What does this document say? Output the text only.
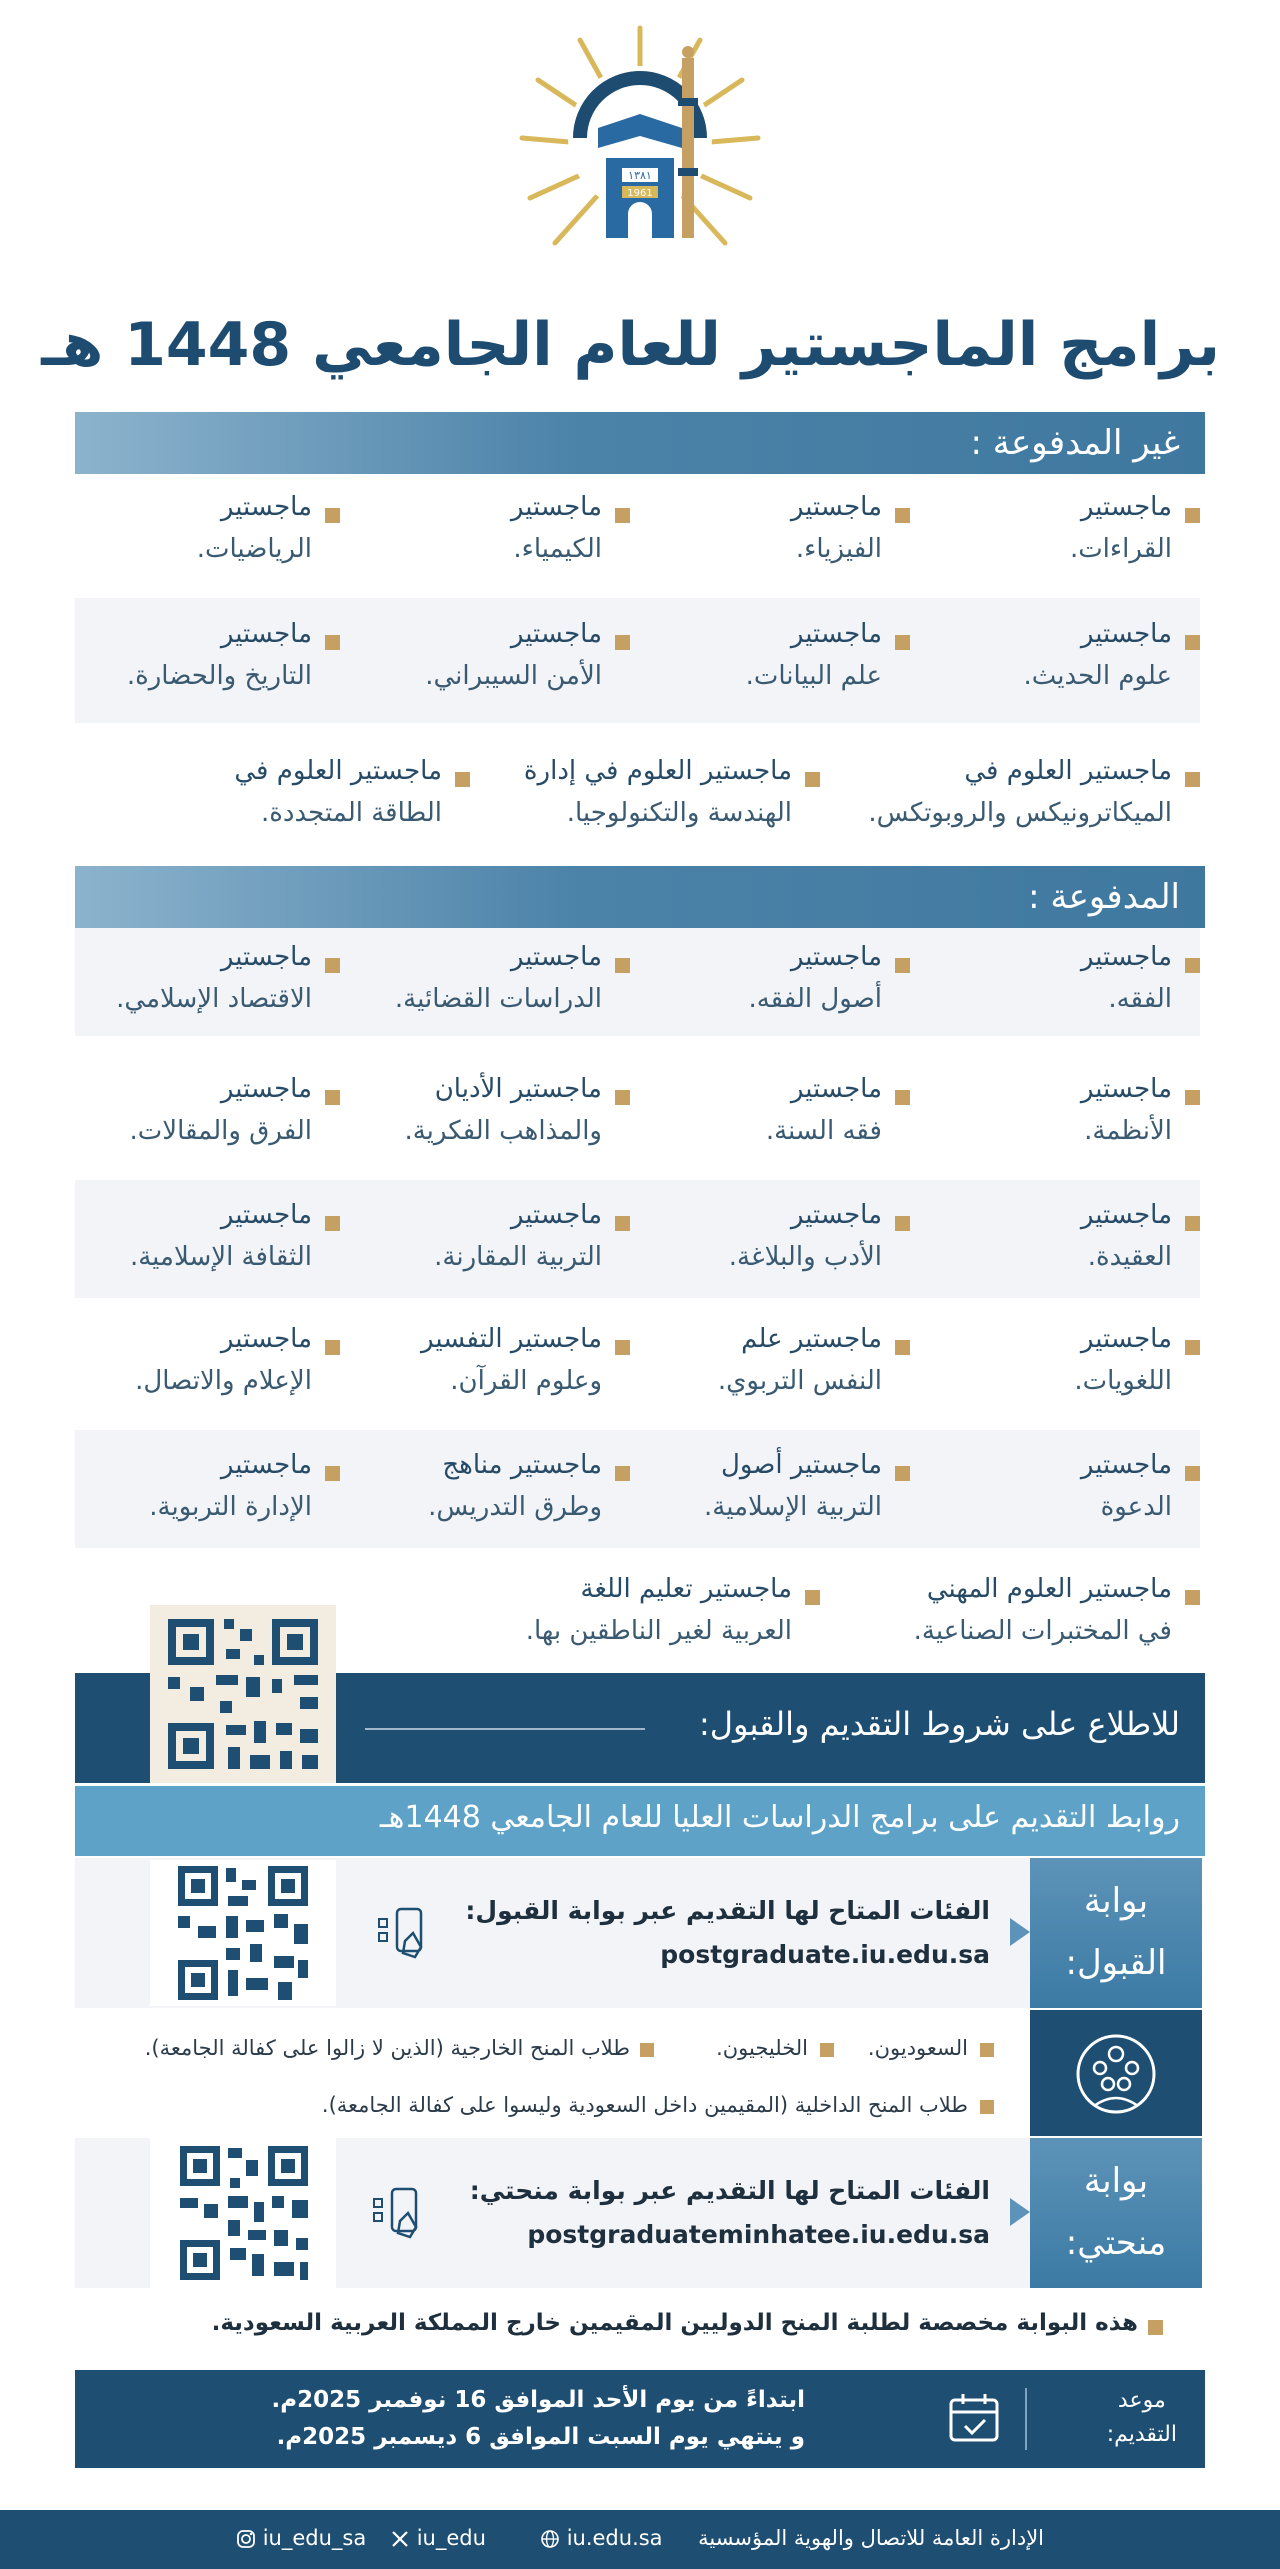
١٣٨١
1961
برامج الماجستير للعام الجامعي 1448 هـ
غير المدفوعة :
ماجستير
القراءات.
ماجستير
الفيزياء.
ماجستير
الكيمياء.
ماجستير
الرياضيات.
ماجستير
علوم الحديث.
ماجستير
علم البيانات.
ماجستير
الأمن السيبراني.
ماجستير
التاريخ والحضارة.
ماجستير العلوم في
الميكاترونيكس والروبوتكس.
ماجستير العلوم في إدارة
الهندسة والتكنولوجيا.
ماجستير العلوم في
الطاقة المتجددة.
المدفوعة :
ماجستير
الفقه.
ماجستير
أصول الفقه.
ماجستير
الدراسات القضائية.
ماجستير
الاقتصاد الإسلامي.
ماجستير
الأنظمة.
ماجستير
فقه السنة.
ماجستير الأديان
والمذاهب الفكرية.
ماجستير
الفرق والمقالات.
ماجستير
العقيدة.
ماجستير
الأدب والبلاغة.
ماجستير
التربية المقارنة.
ماجستير
الثقافة الإسلامية.
ماجستير
اللغويات.
ماجستير علم
النفس التربوي.
ماجستير التفسير
وعلوم القرآن.
ماجستير
الإعلام والاتصال.
ماجستير
الدعوة
ماجستير أصول
التربية الإسلامية.
ماجستير مناهج
وطرق التدريس.
ماجستير
الإدارة التربوية.
ماجستير العلوم المهني
في المختبرات الصناعية.
ماجستير تعليم اللغة
العربية لغير الناطقين بها.
للاطلاع على شروط التقديم والقبول:
روابط التقديم على برامج الدراسات العليا للعام الجامعي 1448هـ
الفئات المتاح لها التقديم عبر بوابة القبول:
postgraduate.iu.edu.sa
بوابة
القبول:
السعوديون.
الخليجيون.
طلاب المنح الخارجية (الذين لا زالوا على كفالة الجامعة).
طلاب المنح الداخلية (المقيمين داخل السعودية وليسوا على كفالة الجامعة).
الفئات المتاح لها التقديم عبر بوابة منحتي:
postgraduateminhatee.iu.edu.sa
بوابة
منحتي:
هذه البوابة مخصصة لطلبة المنح الدوليين المقيمين خارج المملكة العربية السعودية.
موعد
التقديم:
ابتداءً من يوم الأحد الموافق 16 نوفمبر 2025م.
و ينتهي يوم السبت الموافق 6 ديسمبر 2025م.
الإدارة العامة للاتصال والهوية المؤسسية
iu.edu.sa
iu_edu
iu_edu_sa
